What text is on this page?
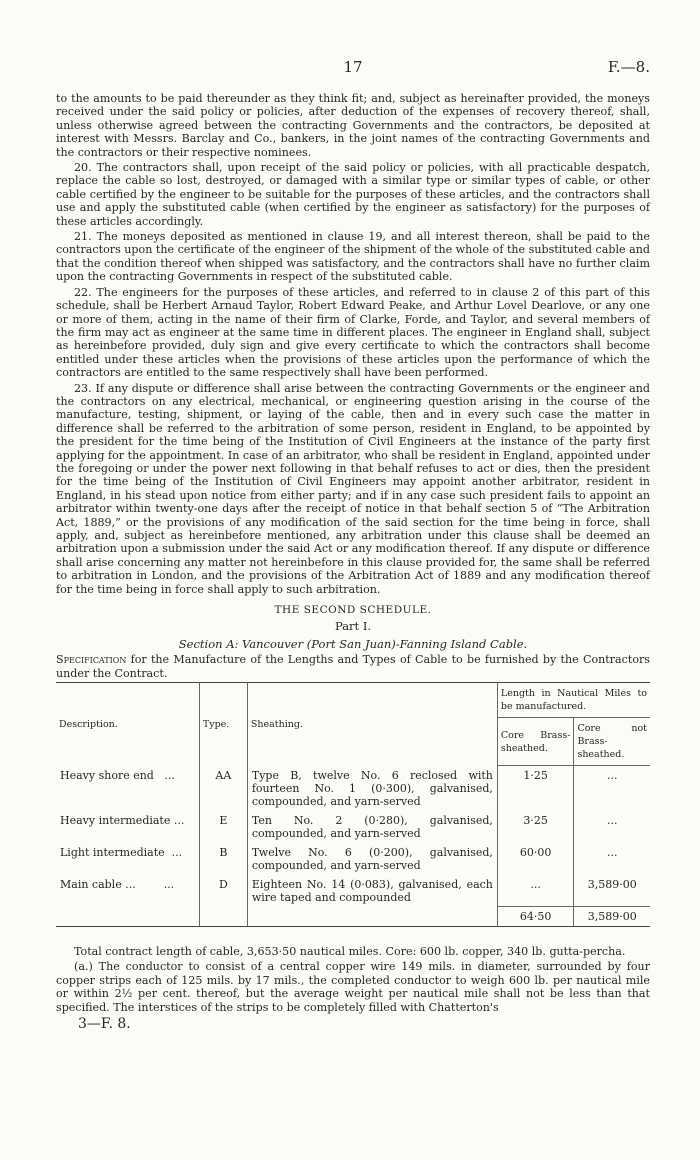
17	F.—8.

to the amounts to be paid thereunder as they think fit; and, subject as hereinafter provided, the moneys received under the said policy or policies, after deduction of the expenses of recovery thereof, shall, unless otherwise agreed between the contracting Governments and the contractors, be deposited at interest with Messrs. Barclay and Co., bankers, in the joint names of the contracting Governments and the contractors or their respective nominees.

20. The contractors shall, upon receipt of the said policy or policies, with all practicable despatch, replace the cable so lost, destroyed, or damaged with a similar type or similar types of cable, or other cable certified by the engineer to be suitable for the purposes of these articles, and the contractors shall use and apply the substituted cable (when certified by the engineer as satisfactory) for the purposes of these articles accordingly.

21. The moneys deposited as mentioned in clause 19, and all interest thereon, shall be paid to the contractors upon the certificate of the engineer of the shipment of the whole of the substituted cable and that the condition thereof when shipped was satisfactory, and the contractors shall have no further claim upon the contracting Governments in respect of the substituted cable.

22. The engineers for the purposes of these articles, and referred to in clause 2 of this part of this schedule, shall be Herbert Arnaud Taylor, Robert Edward Peake, and Arthur Lovel Dearlove, or any one or more of them, acting in the name of their firm of Clarke, Forde, and Taylor, and several members of the firm may act as engineer at the same time in different places. The engineer in England shall, subject as hereinbefore provided, duly sign and give every certificate to which the contractors shall become entitled under these articles when the provisions of these articles upon the performance of which the contractors are entitled to the same respectively shall have been performed.

23. If any dispute or difference shall arise between the contracting Governments or the engineer and the contractors on any electrical, mechanical, or engineering question arising in the course of the manufacture, testing, shipment, or laying of the cable, then and in every such case the matter in difference shall be referred to the arbitration of some person, resident in England, to be appointed by the president for the time being of the Institution of Civil Engineers at the instance of the party first applying for the appointment. In case of an arbitrator, who shall be resident in England, appointed under the foregoing or under the power next following in that behalf refuses to act or dies, then the president for the time being of the Institution of Civil Engineers may appoint another arbitrator, resident in England, in his stead upon notice from either party; and if in any case such president fails to appoint an arbitrator within twenty-one days after the receipt of notice in that behalf section 5 of “The Arbitration Act, 1889,” or the provisions of any modification of the said section for the time being in force, shall apply, and, subject as hereinbefore mentioned, any arbitration under this clause shall be deemed an arbitration upon a submission under the said Act or any modification thereof. If any dispute or difference shall arise concerning any matter not hereinbefore in this clause provided for, the same shall be referred to arbitration in London, and the provisions of the Arbitration Act of 1889 and any modification thereof for the time being in force shall apply to such arbitration.

THE SECOND SCHEDULE.
Part I.
Section A: Vancouver (Port San Juan)-Fanning Island Cable.

Specification for the Manufacture of the Lengths and Types of Cable to be furnished by the Contractors under the Contract.

Description.	Type.	Sheathing.	Length in Nautical Miles to be manufactured.	
			Core Brass-sheathed.	Core not Brass-sheathed.
Heavy shore end ...	AA	Type B, twelve No. 6 reclosed with fourteen No. 1 (0·300), galvanised, compounded, and yarn-served	1·25	...
Heavy intermediate ...	E	Ten No. 2 (0·280), galvanised, compounded, and yarn-served	3·25	...
Light intermediate ...	B	Twelve No. 6 (0·200), galvanised, compounded, and yarn-served	60·00	...
Main cable ... ...	D	Eighteen No. 14 (0·083), galvanised, each wire taped and compounded	...	3,589·00
			64·50	3,589·00

Total contract length of cable, 3,653·50 nautical miles. Core: 600 lb. copper, 340 lb. gutta-percha.

(a.) The conductor to consist of a central copper wire 149 mils. in diameter, surrounded by four copper strips each of 125 mils. by 17 mils., the completed conductor to weigh 600 lb. per nautical mile or within 2½ per cent. thereof, but the average weight per nautical mile shall not be less than that specified. The interstices of the strips to be completely filled with Chatterton's

3—F. 8.
